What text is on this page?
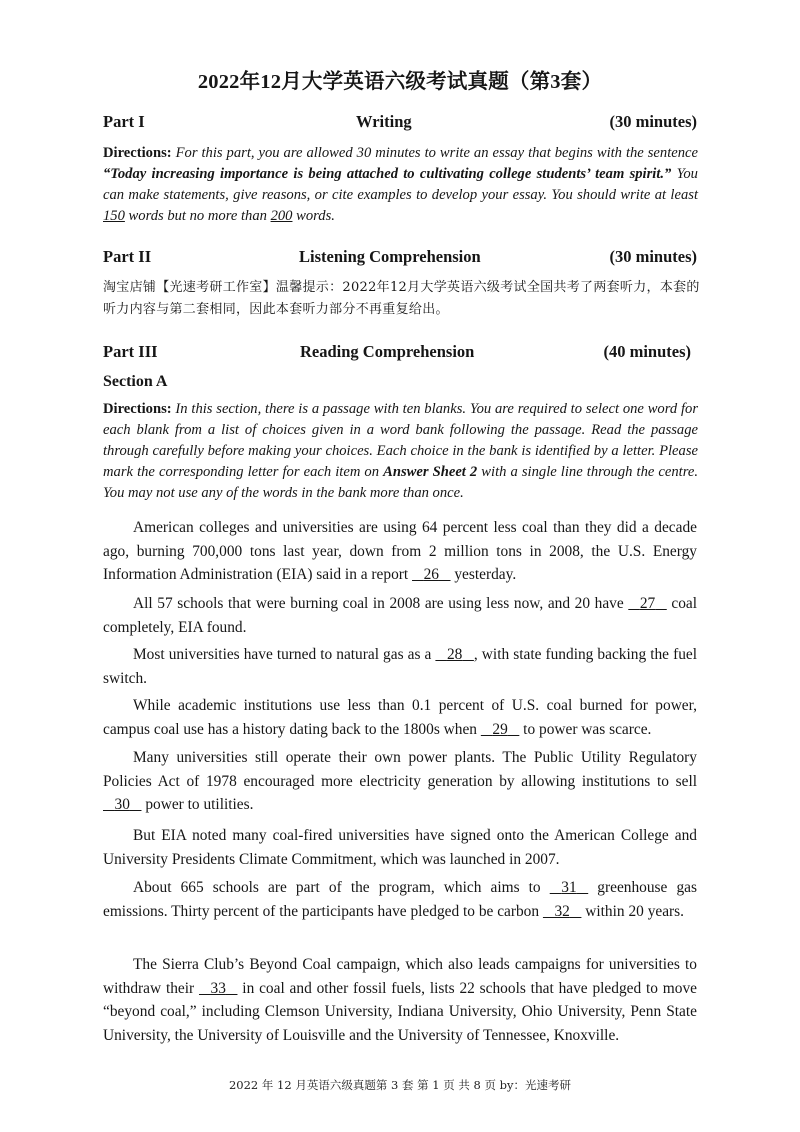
2022年12月大学英语六级考试真题（第3套）
Part I	Writing	(30 minutes)
Directions: For this part, you are allowed 30 minutes to write an essay that begins with the sentence “Today increasing importance is being attached to cultivating college students’ team spirit.” You can make statements, give reasons, or cite examples to develop your essay. You should write at least 150 words but no more than 200 words.
Part II	Listening Comprehension	(30 minutes)
淘宝店铺【光速考研工作室】温馨提示：2022年12月大学英语六级考试全国共考了两套听力，本套的听力内容与第二套相同，因此本套听力部分不再重复给出。
Part III	Reading Comprehension	(40 minutes)
Section A
Directions: In this section, there is a passage with ten blanks. You are required to select one word for each blank from a list of choices given in a word bank following the passage. Read the passage through carefully before making your choices. Each choice in the bank is identified by a letter. Please mark the corresponding letter for each item on Answer Sheet 2 with a single line through the centre. You may not use any of the words in the bank more than once.
American colleges and universities are using 64 percent less coal than they did a decade ago, burning 700,000 tons last year, down from 2 million tons in 2008, the U.S. Energy Information Administration (EIA) said in a report    26    yesterday.
All 57 schools that were burning coal in 2008 are using less now, and 20 have    27    coal completely, EIA found.
Most universities have turned to natural gas as a    28 , with state funding backing the fuel switch.
While academic institutions use less than 0.1 percent of U.S. coal burned for power, campus coal use has a history dating back to the 1800s when    29    to power was scarce.
Many universities still operate their own power plants. The Public Utility Regulatory Policies Act of 1978 encouraged more electricity generation by allowing institutions to sell    30    power to utilities.
But EIA noted many coal-fired universities have signed onto the American College and University Presidents Climate Commitment, which was launched in 2007.
About 665 schools are part of the program, which aims to    31    greenhouse gas emissions. Thirty percent of the participants have pledged to be carbon    32    within 20 years.
The Sierra Club’s Beyond Coal campaign, which also leads campaigns for universities to withdraw their    33    in coal and other fossil fuels, lists 22 schools that have pledged to move “beyond coal,” including Clemson University, Indiana University, Ohio University, Penn State University, the University of Louisville and the University of Tennessee, Knoxville.
2022 年 12 月英语六级真题第 3 套 第 1 页 共 8 页 by：光速考研
